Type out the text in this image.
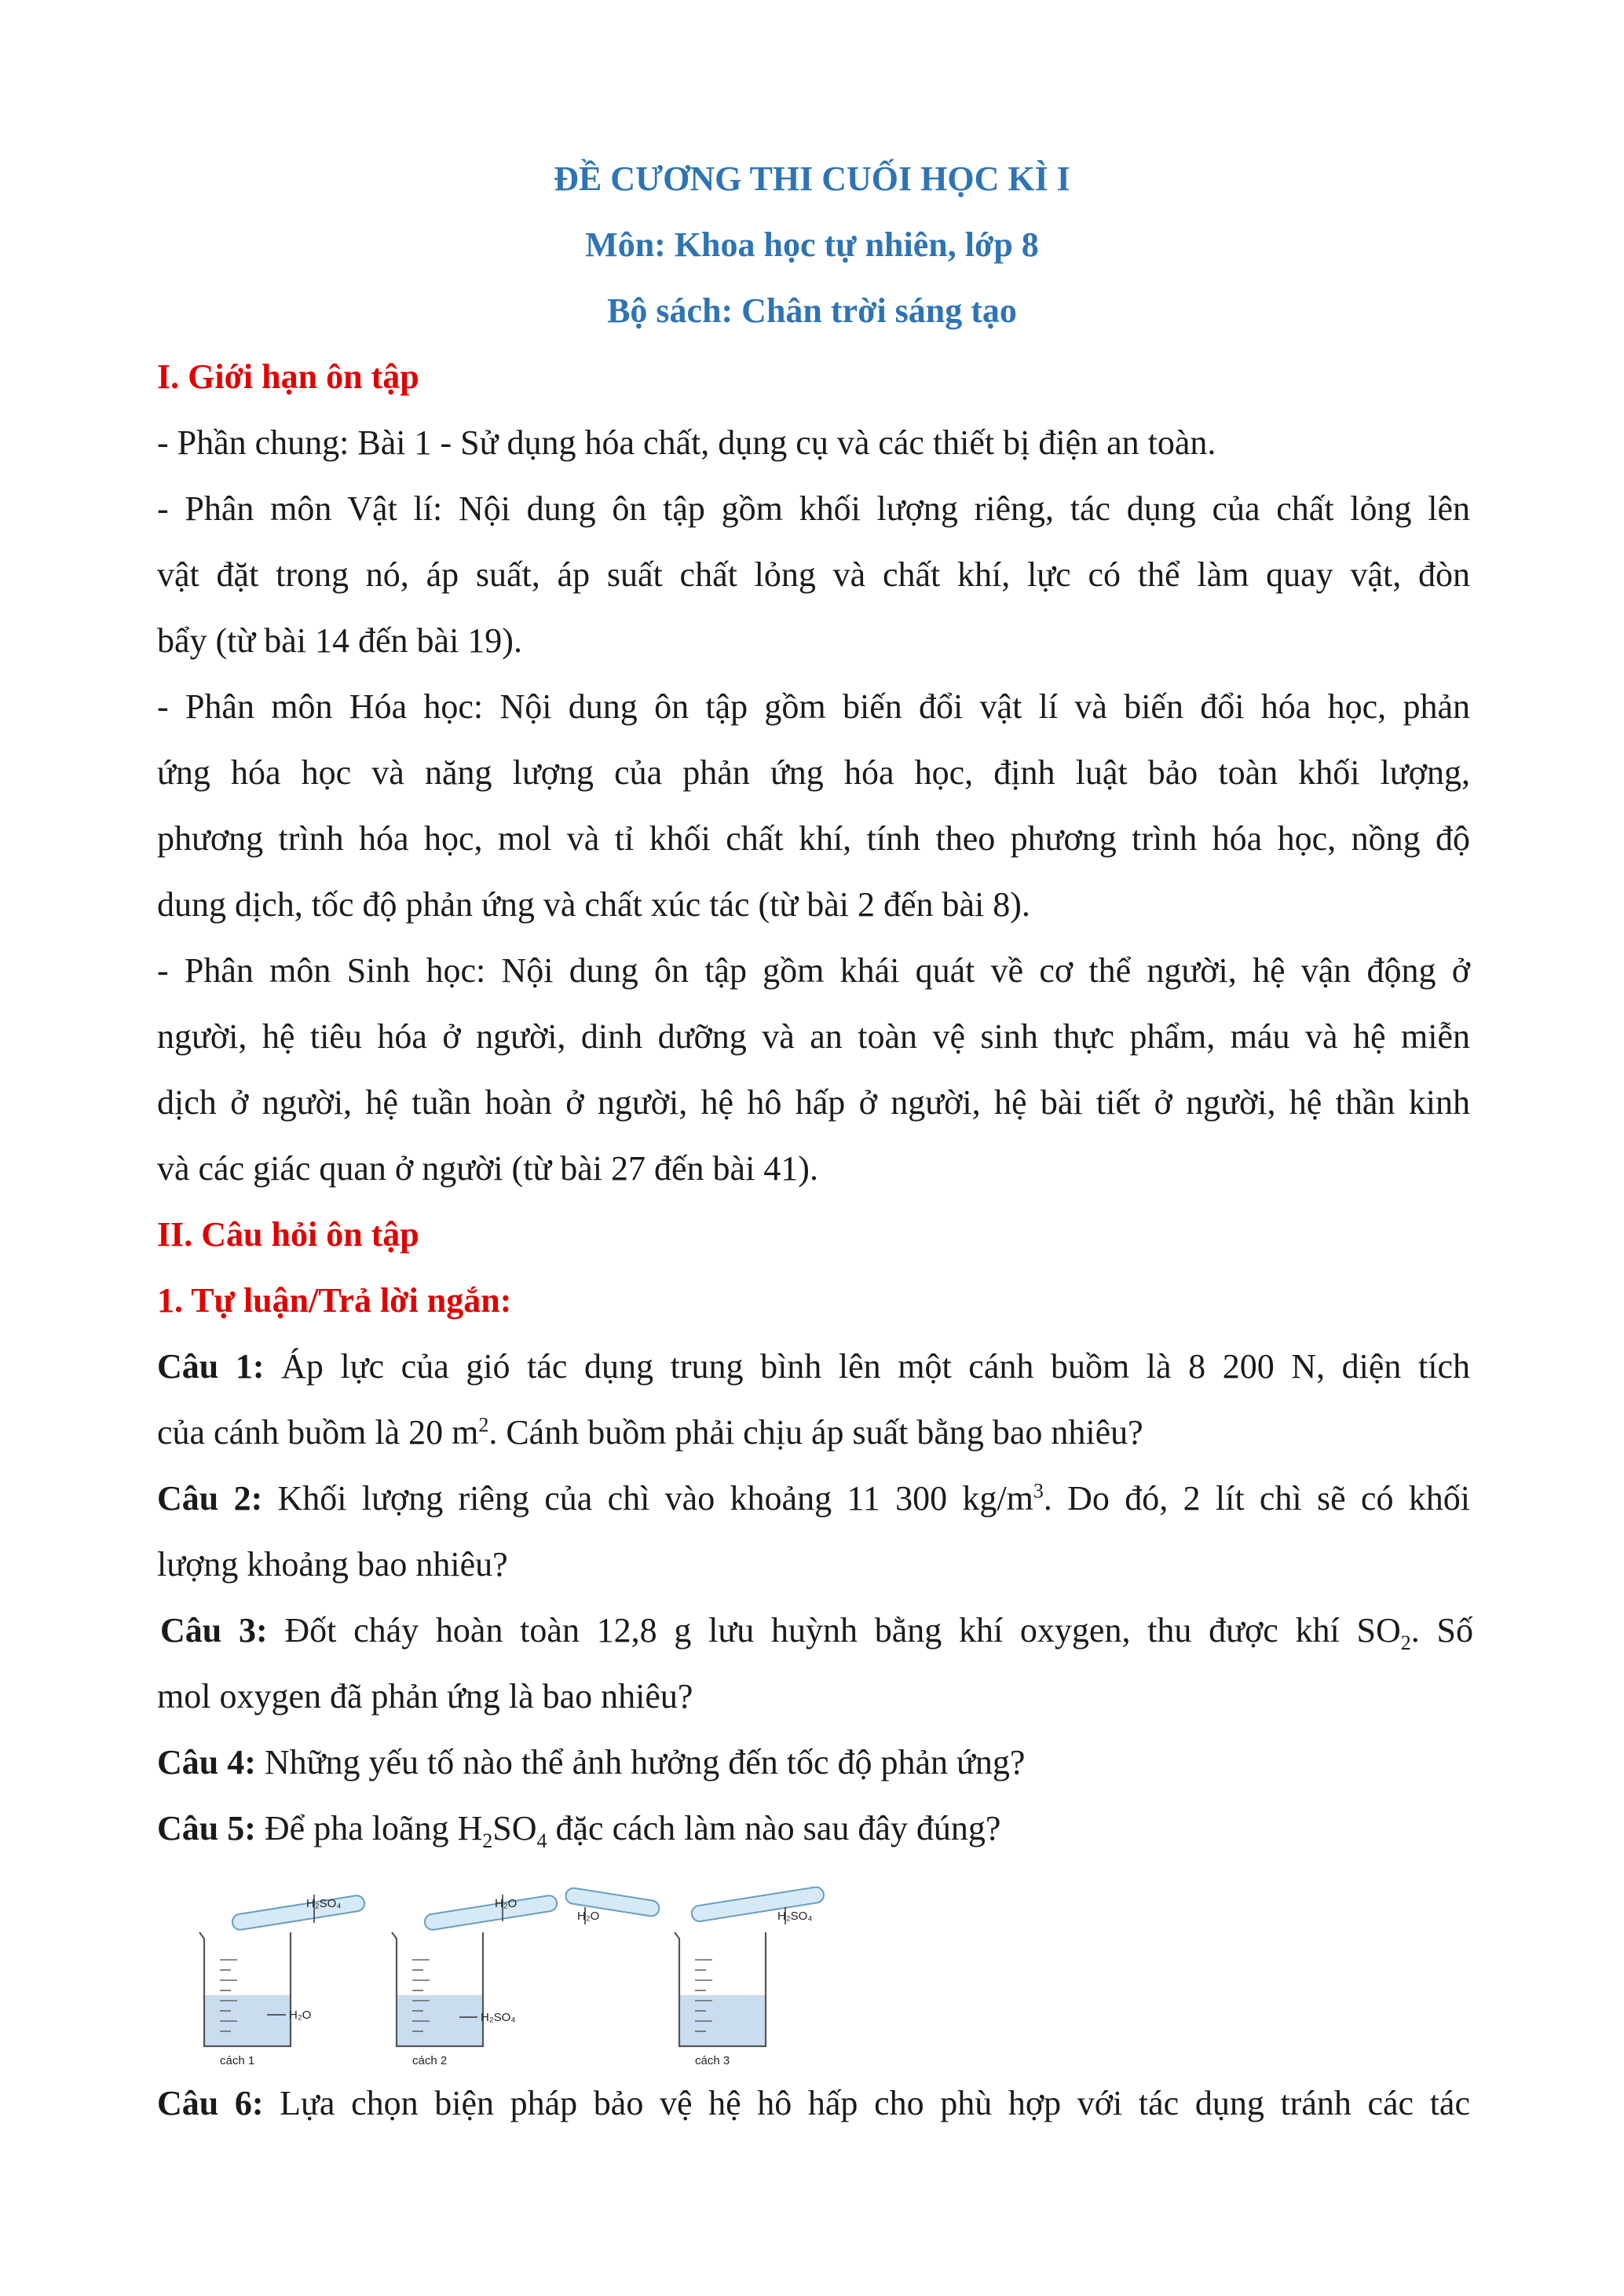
ĐỀ CƯƠNG THI CUỐI HỌC KÌ I
Môn: Khoa học tự nhiên, lớp 8
Bộ sách: Chân trời sáng tạo
I. Giới hạn ôn tập
- Phần chung: Bài 1 - Sử dụng hóa chất, dụng cụ và các thiết bị điện an toàn.
- Phân môn Vật lí: Nội dung ôn tập gồm khối lượng riêng, tác dụng của chất lỏng lên
vật đặt trong nó, áp suất, áp suất chất lỏng và chất khí, lực có thể làm quay vật, đòn
bẩy (từ bài 14 đến bài 19).
- Phân môn Hóa học: Nội dung ôn tập gồm biến đổi vật lí và biến đổi hóa học, phản
ứng hóa học và năng lượng của phản ứng hóa học, định luật bảo toàn khối lượng,
phương trình hóa học, mol và tỉ khối chất khí, tính theo phương trình hóa học, nồng độ
dung dịch, tốc độ phản ứng và chất xúc tác (từ bài 2 đến bài 8).
- Phân môn Sinh học: Nội dung ôn tập gồm khái quát về cơ thể người, hệ vận động ở
người, hệ tiêu hóa ở người, dinh dưỡng và an toàn vệ sinh thực phẩm, máu và hệ miễn
dịch ở người, hệ tuần hoàn ở người, hệ hô hấp ở người, hệ bài tiết ở người, hệ thần kinh
và các giác quan ở người (từ bài 27 đến bài 41).
II. Câu hỏi ôn tập
1. Tự luận/Trả lời ngắn:
Câu 1: Áp lực của gió tác dụng trung bình lên một cánh buồm là 8 200 N, diện tích
của cánh buồm là 20 $m^2$. Cánh buồm phải chịu áp suất bằng bao nhiêu?
Câu 2: Khối lượng riêng của chì vào khoảng 11 300 $kg/m^3$. Do đó, 2 lít chì sẽ có khối
lượng khoảng bao nhiêu?
Câu 3: Đốt cháy hoàn toàn 12,8 g lưu huỳnh bằng khí oxygen, thu được khí $SO_2$. Số
mol oxygen đã phản ứng là bao nhiêu?
Câu 4: Những yếu tố nào thể ảnh hưởng đến tốc độ phản ứng?
Câu 5: Để pha loãng $H_2SO_4$ đặc cách làm nào sau đây đúng?
H₂SO₄
H₂O
cách 1
H₂O
H₂SO₄
cách 2
H₂O	H₂SO₄
cách 3
Câu 6: Lựa chọn biện pháp bảo vệ hệ hô hấp cho phù hợp với tác dụng tránh các tác
